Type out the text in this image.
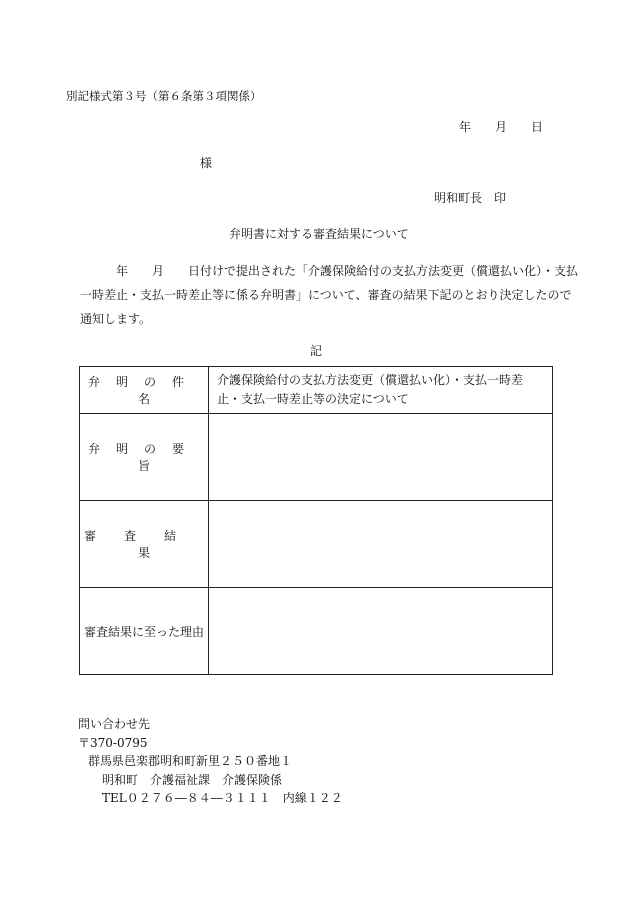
別記様式第３号（第６条第３項関係）
年 月 日
様
明和町長　印
弁明書に対する審査結果について
年 月 日付けで提出された「介護保険給付の支払方法変更（償還払い化）・支払一時差止・支払一時差止等に係る弁明書」について、審査の結果下記のとおり決定したので通知します。
記
弁明の件名	介護保険給付の支払方法変更（償還払い化）・支払一時差止・支払一時差止等の決定について
弁明の要旨	
審査結果	
審査結果に至った理由	
問い合わせ先
〒370-0795
群馬県邑楽郡明和町新里２５０番地１
明和町　介護福祉課　介護保険係
TEL０２７６―８４―３１１１　内線１２２
